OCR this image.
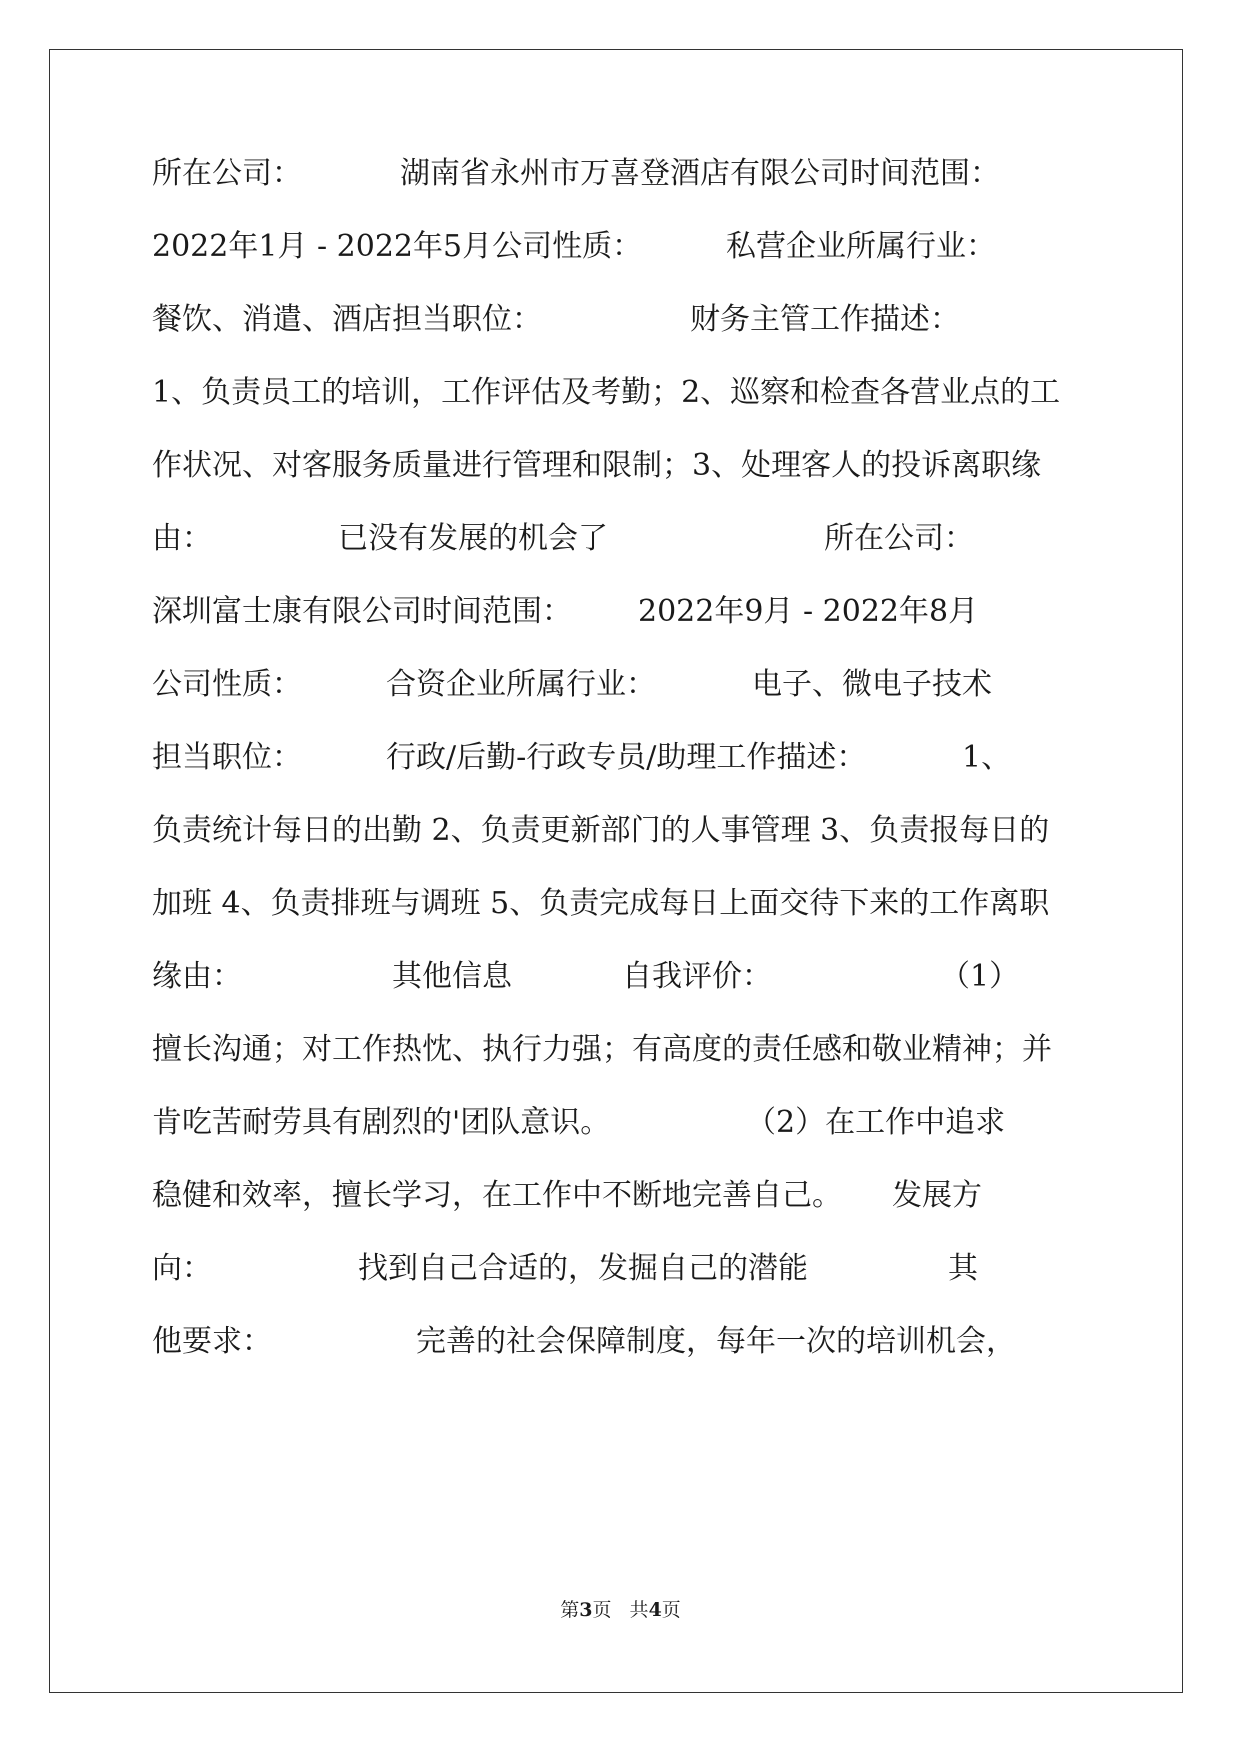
所在公司：

	湖南省永州市万喜登酒店有限公司时间范围：

2022年1月 - 2022年5月公司性质：

	私营企业所属行业：

餐饮、消遣、酒店担当职位：

	财务主管工作描述：

1、负责员工的培训，工作评估及考勤；2、巡察和检查各营业点的工

作状况、对客服务质量进行管理和限制；3、处理客人的投诉离职缘

由：

	已没有发展的机会了

	所在公司：

深圳富士康有限公司时间范围：

2022年9月 - 2022年8月

公司性质：

	合资企业所属行业：

	电子、微电子技术

担当职位：

	行政/后勤-行政专员/助理工作描述：

	1、

负责统计每日的出勤 2、负责更新部门的人事管理 3、负责报每日的

加班 4、负责排班与调班 5、负责完成每日上面交待下来的工作离职

缘由：

	其他信息

	自我评价：

	（1）

擅长沟通；对工作热忱、执行力强；有高度的责任感和敬业精神；并

肯吃苦耐劳具有剧烈的'团队意识。

	（2）在工作中追求

稳健和效率，擅长学习，在工作中不断地完善自己。

发展方

向：

	找到自己合适的，发掘自己的潜能

	其

他要求：

	完善的社会保障制度，每年一次的培训机会，

第3页   共4页
